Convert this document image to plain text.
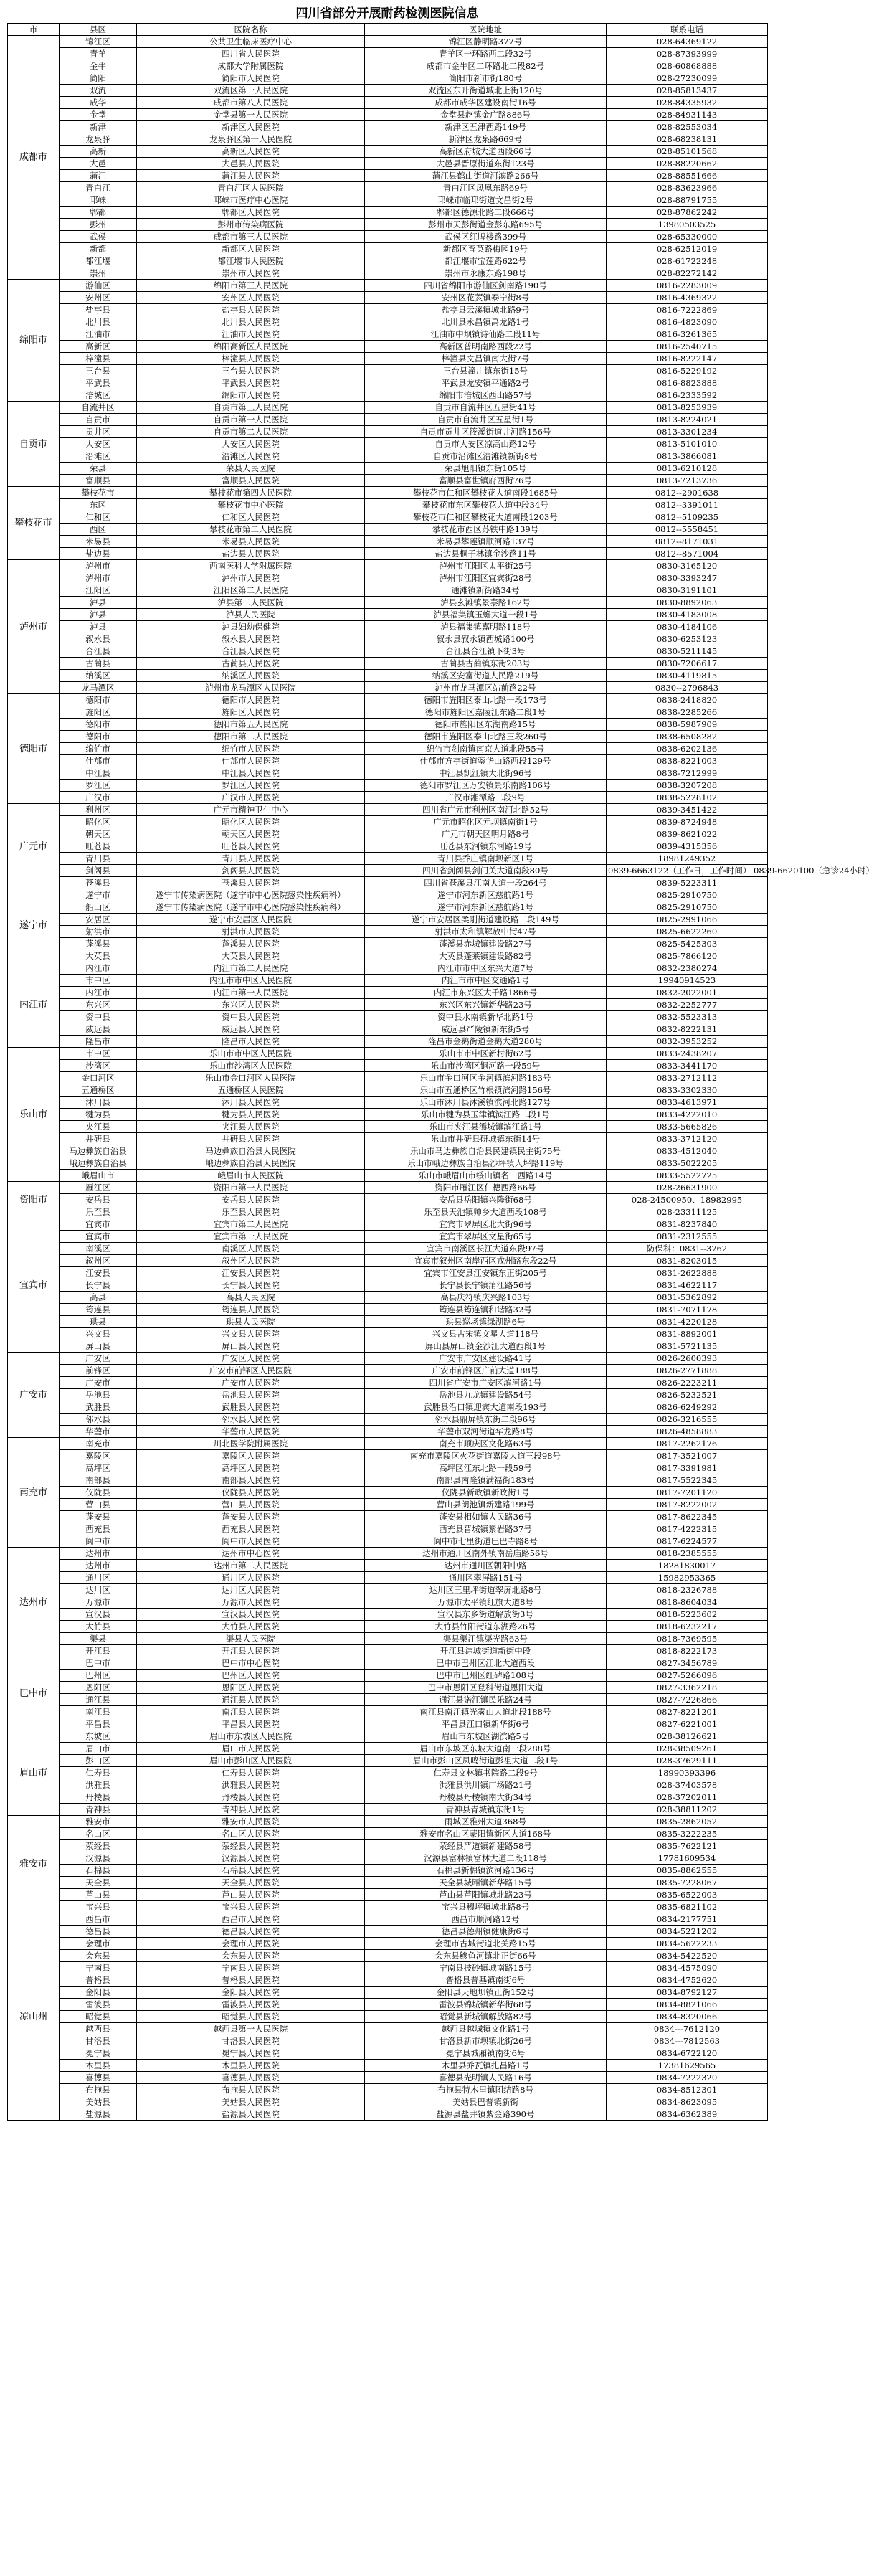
四川省部分开展耐药检测医院信息
市	县区	医院名称	医院地址	联系电话
成都市	锦江区	公共卫生临床医疗中心	锦江区静明路377号	028-64369122
	青羊	四川省人民医院	青羊区一环路西二段32号	028-87393999
	金牛	成都大学附属医院	成都市金牛区二环路北二段82号	028-60868888
	简阳	简阳市人民医院	简阳市新市街180号	028-27230099
	双流	双流区第一人民医院	双流区东升街道城北上街120号	028-85813437
	成华	成都市第八人民医院	成都市成华区建设南街16号	028-84335932
	金堂	金堂县第一人民医院	金堂县赵镇金广路886号	028-84931143
	新津	新津区人民医院	新津区五津西路149号	028-82553034
	龙泉驿	龙泉驿区第一人民医院	新津区龙泉路669号	028-68238131
	高新	高新区人民医院	高新区府城大道西段66号	028-85101568
	大邑	大邑县人民医院	大邑县晋原街道东街123号	028-88220662
	蒲江	蒲江县人民医院	蒲江县鹤山街道河滨路266号	028-88551666
	青白江	青白江区人民医院	青白江区凤凰东路69号	028-83623966
	邛崃	邛崃市医疗中心医院	邛崃市临邛街道文昌街2号	028-88791755
	郫都	郫都区人民医院	郫都区德源北路二段666号	028-87862242
	彭州	彭州市传染病医院	彭州市天彭街道金彭东路695号	13980503525
	武侯	成都市第三人民医院	武侯区红牌楼路399号	028-65330000
	新都	新都区人民医院	新都区育英路梅园19号	028-62512019
	都江堰	都江堰市人民医院	都江堰市宝莲路622号	028-61722248
	崇州	崇州市人民医院	崇州市永康东路198号	028-82272142
绵阳市	游仙区	绵阳市第三人民医院	四川省绵阳市游仙区剑南路190号	0816-2283009
	安州区	安州区人民医院	安州区花荄镇泰宁街8号	0816-4369322
	盐亭县	盐亭县人民医院	盐亭县云溪镇城北路9号	0816-7222869
	北川县	北川县人民医院	北川县永昌镇禹龙路1号	0816-4823090
	江油市	江油市人民医院	江油市中坝镇诗仙路二段11号	0816-3261365
	高新区	绵阳高新区人民医院	高新区普明南路西段22号	0816-2540715
	梓潼县	梓潼县人民医院	梓潼县文昌镇南大街7号	0816-8222147
	三台县	三台县人民医院	三台县潼川镇东街15号	0816-5229192
	平武县	平武县人民医院	平武县龙安镇平通路2号	0816-8823888
	涪城区	绵阳市人民医院	绵阳市涪城区西山路57号	0816-2333592
自贡市	自流井区	自贡市第三人民医院	自贡市自流井区五星街41号	0813-8253939
	自贡市	自贡市第一人民医院	自贡市自流井区五星街1号	0813-8224021
	贡井区	自贡市第二人民医院	自贡市贡井区筱溪街道井河路156号	0813-3301234
	大安区	大安区人民医院	自贡市大安区凉高山路12号	0813-5101010
	沿滩区	沿滩区人民医院	自贡市沿滩区沿滩镇新街8号	0813-3866081
	荣县	荣县人民医院	荣县旭阳镇东街105号	0813-6210128
	富顺县	富顺县人民医院	富顺县富世镇府西街76号	0813-7213736
攀枝花市	攀枝花市	攀枝花市第四人民医院	攀枝花市仁和区攀枝花大道南段1685号	0812--2901638
	东区	攀枝花市中心医院	攀枝花市东区攀枝花大道中段34号	0812--3391011
	仁和区	仁和区人民医院	攀枝花市仁和区攀枝花大道南段1203号	0812--5109235
	西区	攀枝花市第二人民医院	攀枝花市西区苏铁中路139号	0812--5558451
	米易县	米易县人民医院	米易县攀莲镇顺河路137号	0812--8171031
	盐边县	盐边县人民医院	盐边县桐子林镇金沙路11号	0812--8571004
泸州市	泸州市	西南医科大学附属医院	泸州市江阳区太平街25号	0830-3165120
	泸州市	泸州市人民医院	泸州市江阳区宜宾街28号	0830-3393247
	江阳区	江阳区第二人民医院	通滩镇新街路34号	0830-3191101
	泸县	泸县第二人民医院	泸县玄滩镇景泰路162号	0830-8892063
	泸县	泸县人民医院	泸县福集镇玉蟾大道一段1号	0830-4183008
	泸县	泸县妇幼保健院	泸县福集镇嘉明路118号	0830-4184106
	叙永县	叙永县人民医院	叙永县叙永镇西城路100号	0830-6253123
	合江县	合江县人民医院	合江县合江镇下街3号	0830-5211145
	古蔺县	古蔺县人民医院	古蔺县古蔺镇东街203号	0830-7206617
	纳溪区	纳溪区人民医院	纳溪区安富街道人民路219号	0830-4119815
	龙马潭区	泸州市龙马潭区人民医院	泸州市龙马潭区站前路22号	0830--2796843
德阳市	德阳市	德阳市人民医院	德阳市旌阳区泰山北路一段173号	0838-2418820
	旌阳区	旌阳区人民医院	德阳市旌阳区嘉陵江东路二段1号	0838-2285266
	德阳市	德阳市第五人民医院	德阳市旌阳区东湖南路15号	0838-5987909
	德阳市	德阳市第二人民医院	德阳市旌阳区泰山北路三段260号	0838-6508282
	绵竹市	绵竹市人民医院	绵竹市剑南镇南京大道北段55号	0838-6202136
	什邡市	什邡市人民医院	什邡市方亭街道蓥华山路西段129号	0838-8221003
	中江县	中江县人民医院	中江县凯江镇大北街96号	0838-7212999
	罗江区	罗江区人民医院	德阳市罗江区万安镇景乐南路106号	0838-3207208
	广汉市	广汉市人民医院	广汉市湘潭路二段9号	0838-5228102
广元市	利州区	广元市精神卫生中心	四川省广元市利州区南河北路52号	0839-3451422
	昭化区	昭化区人民医院	广元市昭化区元坝镇南街1号	0839-8724948
	朝天区	朝天区人民医院	广元市朝天区明月路8号	0839-8621022
	旺苍县	旺苍县人民医院	旺苍县东河镇东河路19号	0839-4315356
	青川县	青川县人民医院	青川县乔庄镇南坝新区1号	18981249352
	剑阁县	剑阁县人民医院	四川省剑阁县剑门关大道南段80号	0839-6663122（工作日，工作时间） 0839-6620100（急诊24小时）
	苍溪县	苍溪县人民医院	四川省苍溪县江南大道一段264号	0839-5223311
遂宁市	遂宁市	遂宁市传染病医院（遂宁市中心医院感染性疾病科）	遂宁市河东新区慈航路1号	0825-2910750
	船山区	遂宁市传染病医院（遂宁市中心医院感染性疾病科）	遂宁市河东新区慈航路1号	0825-2910750
	安居区	遂宁市安居区人民医院	遂宁市安居区柔刚街道建设路二段149号	0825-2991066
	射洪市	射洪市人民医院	射洪市太和镇解放中街47号	0825-6622260
	蓬溪县	蓬溪县人民医院	蓬溪县赤城镇建设路27号	0825-5425303
	大英县	大英县人民医院	大英县蓬莱镇建设路82号	0825-7866120
内江市	内江市	内江市第二人民医院	内江市市中区东兴大道7号	0832-2380274
	市中区	内江市市中区人民医院	内江市市中区交通路1号	19940914523
	内江市	内江市第一人民医院	内江市东兴区大千路1866号	0832-2022001
	东兴区	东兴区人民医院	东兴区东兴镇新华路23号	0832-2252777
	资中县	资中县人民医院	资中县水南镇新华北路1号	0832-5523313
	威远县	威远县人民医院	威远县严陵镇新东街5号	0832-8222131
	隆昌市	隆昌市人民医院	隆昌市金鹅街道金鹅大道280号	0832-3953252
乐山市	市中区	乐山市市中区人民医院	乐山市市中区新村街62号	0833-2438207
	沙湾区	乐山市沙湾区人民医院	乐山市沙湾区铜河路一段59号	0833-3441170
	金口河区	乐山市金口河区人民医院	乐山市金口河区金河镇滨河路183号	0833-2712112
	五通桥区	五通桥区人民医院	乐山市五通桥区竹根镇滨河路156号	0833-3302330
	沐川县	沐川县人民医院	乐山市沐川县沐溪镇滨河北路127号	0833-4613971
	犍为县	犍为县人民医院	乐山市犍为县玉津镇滨江路二段1号	0833-4222010
	夹江县	夹江县人民医院	乐山市夹江县漹城镇滨江路1号	0833-5665826
	井研县	井研县人民医院	乐山市井研县研城镇东街14号	0833-3712120
	马边彝族自治县	马边彝族自治县人民医院	乐山市马边彝族自治县民建镇民主街75号	0833-4512040
	峨边彝族自治县	峨边彝族自治县人民医院	乐山市峨边彝族自治县沙坪镇人坪路119号	0833-5022205
	峨眉山市	峨眉山市人民医院	乐山市峨眉山市绥山镇名山西路14号	0833-5522725
资阳市	雁江区	资阳市第一人民医院	资阳市雁江区仁德西路66号	028-26631900
	安岳县	安岳县人民医院	安岳县岳阳镇兴隆街68号	028-24500950、18982995
	乐至县	乐至县人民医院	乐至县天池镇帅乡大道西段108号	028-23311125
宜宾市	宜宾市	宜宾市第二人民医院	宜宾市翠屏区北大街96号	0831-8237840
	宜宾市	宜宾市第一人民医院	宜宾市翠屏区文星街65号	0831-2312555
	南溪区	南溪区人民医院	宜宾市南溪区长江大道东段97号	防保科：0831--3762
	叙州区	叙州区人民医院	宜宾市叙州区南岸西区戎州路东段22号	0831-8203015
	江安县	江安县人民医院	宜宾市江安县江安镇东正街205号	0831-2622888
	长宁县	长宁县人民医院	长宁县长宁镇淯江路56号	0831-4622117
	高县	高县人民医院	高县庆符镇庆兴路103号	0831-5362892
	筠连县	筠连县人民医院	筠连县筠连镇和谐路32号	0831-7071178
	珙县	珙县人民医院	珙县巡场镇绿湖路6号	0831-4220128
	兴文县	兴文县人民医院	兴文县古宋镇文星大道118号	0831-8892001
	屏山县	屏山县人民医院	屏山县屏山镇金沙江大道西段1号	0831-5721135
广安市	广安区	广安区人民医院	广安市广安区建设路41号	0826-2600393
	前锋区	广安市前锋区人民医院	广安市前锋区广前大道188号	0826-2771888
	广安市	广安市人民医院	四川省广安市广安区滨河路1号	0826-2223211
	岳池县	岳池县人民医院	岳池县九龙镇建设路54号	0826-5232521
	武胜县	武胜县人民医院	武胜县沿口镇迎宾大道南段193号	0826-6249292
	邻水县	邻水县人民医院	邻水县鼎屏镇东街二段96号	0826-3216555
	华蓥市	华蓥市人民医院	华蓥市双河街道华龙路8号	0826-4858883
南充市	南充市	川北医学院附属医院	南充市顺庆区文化路63号	0817-2262176
	嘉陵区	嘉陵区人民医院	南充市嘉陵区火花街道嘉陵大道三段98号	0817-3521007
	高坪区	高坪区人民医院	高坪区江东北路一段59号	0817-3391981
	南部县	南部县人民医院	南部县南隆镇满福街183号	0817-5522345
	仪陇县	仪陇县人民医院	仪陇县新政镇新政街1号	0817-7201120
	营山县	营山县人民医院	营山县朗池镇新建路199号	0817-8222002
	蓬安县	蓬安县人民医院	蓬安县相如镇人民路36号	0817-8622345
	西充县	西充县人民医院	西充县晋城镇紫岩路37号	0817-4222315
	阆中市	阆中市人民医院	阆中市七里街道巴巴寺路8号	0817-6224577
达州市	达州市	达州市中心医院	达州市通川区南外镇南岳庙路56号	0818-2385555
	达州市	达州市第二人民医院	达州市通川区朝阳中路	18281830017
	通川区	通川区人民医院	通川区翠屏路151号	15982953365
	达川区	达川区人民医院	达川区三里坪街道翠屏北路8号	0818-2326788
	万源市	万源市人民医院	万源市太平镇红旗大道8号	0818-8604034
	宣汉县	宣汉县人民医院	宣汉县东乡街道解放街3号	0818-5223602
	大竹县	大竹县人民医院	大竹县竹阳街道东湖路26号	0818-6232217
	渠县	渠县人民医院	渠县渠江镇渠光路63号	0818-7369595
	开江县	开江县人民医院	开江县淙城街道新街中段	0818-8222173
巴中市	巴中市	巴中市中心医院	巴中市巴州区江北大道西段	0827-3456789
	巴州区	巴州区人民医院	巴中市巴州区红碑路108号	0827-5266096
	恩阳区	恩阳区人民医院	巴中市恩阳区登科街道恩阳大道	0827-3362218
	通江县	通江县人民医院	通江县诺江镇民乐路24号	0827-7226866
	南江县	南江县人民医院	南江县南江镇光雾山大道北段188号	0827-8221201
	平昌县	平昌县人民医院	平昌县江口镇新华街6号	0827-6221001
眉山市	东坡区	眉山市东坡区人民医院	眉山市东坡区湖滨路5号	028-38126621
	眉山市	眉山市人民医院	眉山市东坡区东坡大道南一段288号	028-38509261
	彭山区	眉山市彭山区人民医院	眉山市彭山区凤鸣街道彭祖大道二段1号	028-37629111
	仁寿县	仁寿县人民医院	仁寿县文林镇书院路二段9号	18990393396
	洪雅县	洪雅县人民医院	洪雅县洪川镇广场路21号	028-37403578
	丹棱县	丹棱县人民医院	丹棱县丹棱镇南大街34号	028-37202011
	青神县	青神县人民医院	青神县青城镇东街1号	028-38811202
雅安市	雅安市	雅安市人民医院	雨城区雅州大道368号	0835-2862052
	名山区	名山区人民医院	雅安市名山区蒙阳镇新区大道168号	0835-3222235
	荥经县	荥经县人民医院	荥经县严道镇新建路58号	0835-7622121
	汉源县	汉源县人民医院	汉源县富林镇富林大道二段118号	17781609534
	石棉县	石棉县人民医院	石棉县新棉镇滨河路136号	0835-8862555
	天全县	天全县人民医院	天全县城厢镇新华路15号	0835-7228067
	芦山县	芦山县人民医院	芦山县芦阳镇城北路23号	0835-6522003
	宝兴县	宝兴县人民医院	宝兴县穆坪镇城北路8号	0835-6821102
凉山州	西昌市	西昌市人民医院	西昌市顺河路12号	0834-2177751
	德昌县	德昌县人民医院	德昌县德州镇健康街6号	0834-5221202
	会理市	会理市人民医院	会理市古城街道北关路15号	0834-5622233
	会东县	会东县人民医院	会东县鲹鱼河镇北正街66号	0834-5422520
	宁南县	宁南县人民医院	宁南县披砂镇城南路15号	0834-4575090
	普格县	普格县人民医院	普格县普基镇南街6号	0834-4752620
	金阳县	金阳县人民医院	金阳县天地坝镇正街152号	0834-8792127
	雷波县	雷波县人民医院	雷波县锦城镇新华街68号	0834-8821066
	昭觉县	昭觉县人民医院	昭觉县新城镇解放路82号	0834-8320066
	越西县	越西县第一人民医院	越西县越城镇文化路1号	0834---7612120
	甘洛县	甘洛县人民医院	甘洛县新市坝镇北街26号	0834---7812563
	冕宁县	冕宁县人民医院	冕宁县城厢镇南街6号	0834-6722120
	木里县	木里县人民医院	木里县乔瓦镇扎昌路1号	17381629565
	喜德县	喜德县人民医院	喜德县光明镇人民路16号	0834-7222320
	布拖县	布拖县人民医院	布拖县特木里镇团结路8号	0834-8512301
	美姑县	美姑县人民医院	美姑县巴普镇新街	0834-8623095
	盐源县	盐源县人民医院	盐源县盐井镇紫金路390号	0834-6362389
